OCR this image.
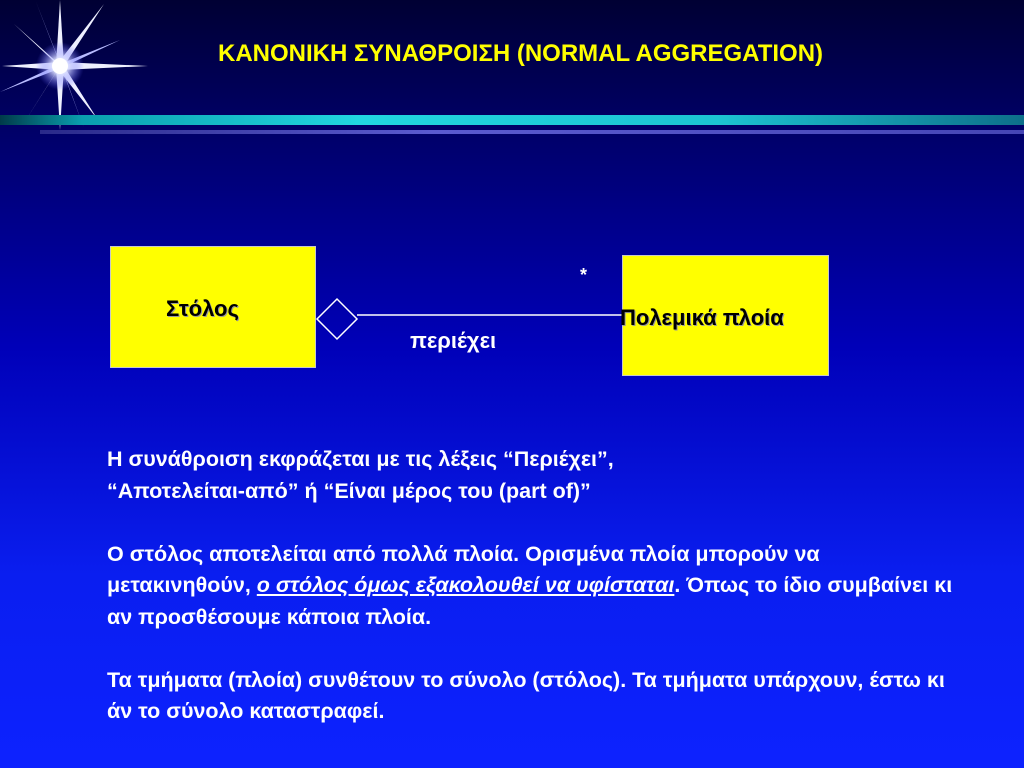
ΚΑΝΟΝΙΚΗ ΣΥΝΑΘΡΟΙΣΗ (NORMAL AGGREGATION)
Στόλος	Πολεμικά πλοία
*
περιέχει

Η συνάθροιση εκφράζεται με τις λέξεις “Περιέχει”,
“Αποτελείται-από” ή “Είναι μέρος του (part of)”

Ο στόλος αποτελείται από πολλά πλοία. Ορισμένα πλοία μπορούν να μετακινηθούν, ο στόλος όμως εξακολουθεί να υφίσταται. Όπως το ίδιο συμβαίνει κι αν προσθέσουμε κάποια πλοία.

Τα τμήματα (πλοία) συνθέτουν το σύνολο (στόλος). Τα τμήματα υπάρχουν, έστω κι άν το σύνολο καταστραφεί.
